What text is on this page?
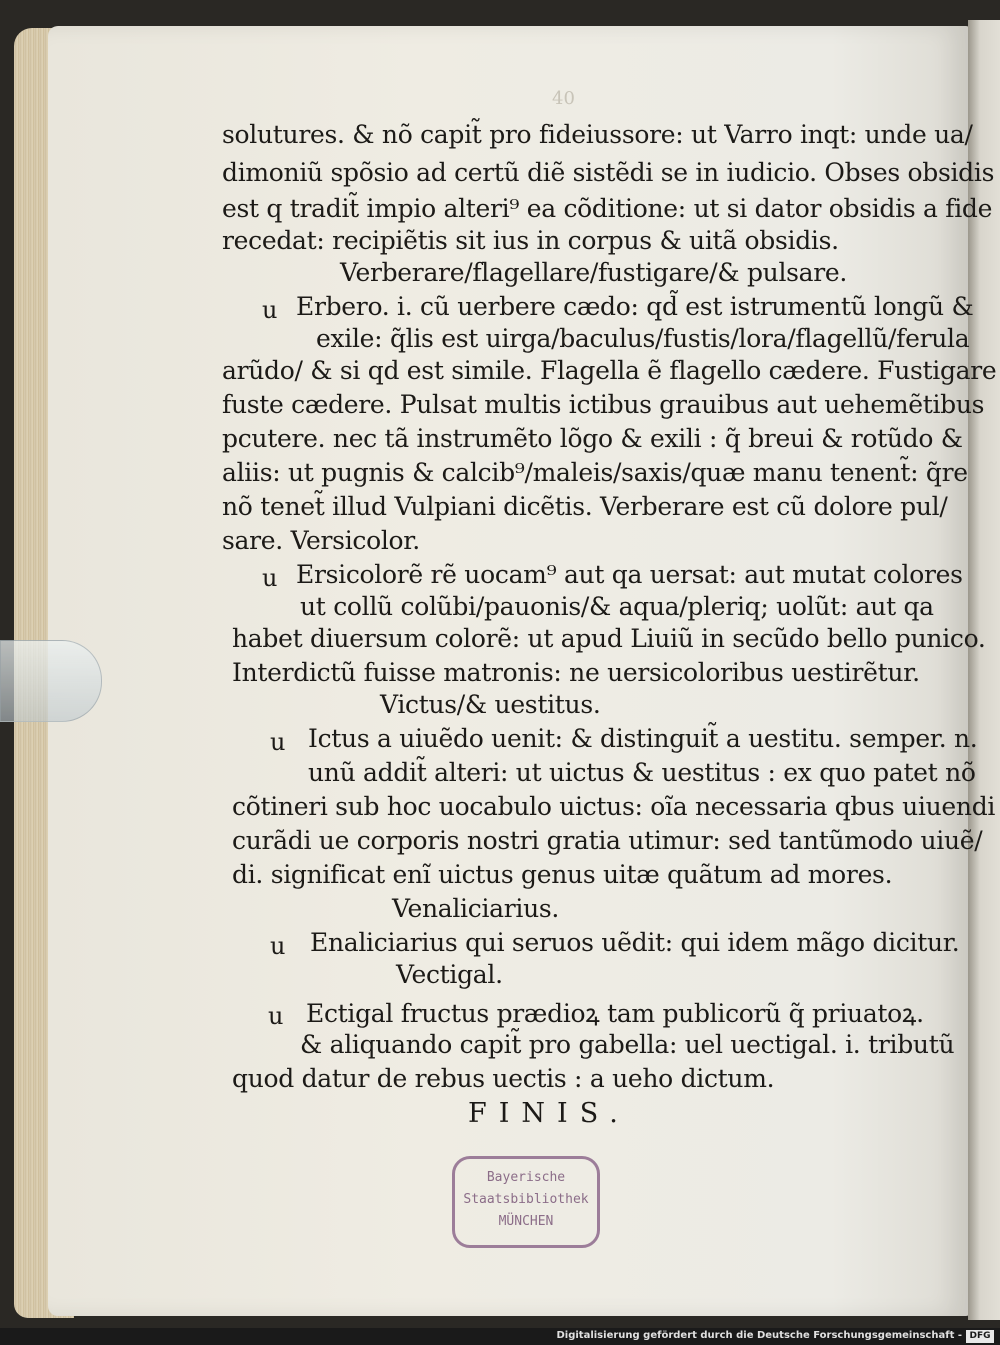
40
solutures. & nõ capit̃ pro fideiussore: ut Varro inqt: unde ua/
dimoniũ spõsio ad certũ diẽ sistẽdi se in iudicio. Obses obsidis
est q tradit̃ impio alteri⁹ ea cõditione: ut si dator obsidis a fide
recedat: recipiẽtis sit ius in corpus & uitã obsidis.
Verberare/flagellare/fustigare/& pulsare.
u Erbero. i. cũ uerbere cædo: qd̃ est istrumentũ longũ &
exile: q̃lis est uirga/baculus/fustis/lora/flagellũ/ferula
arũdo/ & si qd est simile. Flagella ẽ flagello cædere. Fustigare
fuste cædere. Pulsat multis ictibus grauibus aut uehemẽtibus
pcutere. nec tã instrumẽto lõgo & exili : q̃ breui & rotũdo &
aliis: ut pugnis & calcib⁹/maleis/saxis/quæ manu tenent̃: q̃re
nõ tenet̃ illud Vulpiani dicẽtis. Verberare est cũ dolore pul/
sare. Versicolor.
u Ersicolorẽ rẽ uocam⁹ aut qa uersat: aut mutat colores
ut collũ colũbi/pauonis/& aqua/pleriq; uolũt: aut qa
habet diuersum colorẽ: ut apud Liuiũ in secũdo bello punico.
Interdictũ fuisse matronis: ne uersicoloribus uestirẽtur.
Victus/& uestitus.
u Ictus a uiuẽdo uenit: & distinguit̃ a uestitu. semper. n.
unũ addit̃ alteri: ut uictus & uestitus : ex quo patet nõ
cõtineri sub hoc uocabulo uictus: oĩa necessaria qbus uiuendi
curãdi ue corporis nostri gratia utimur: sed tantũmodo uiuẽ/
di. significat enĩ uictus genus uitæ quãtum ad mores.
Venaliciarius.
u Enaliciarius qui seruos uẽdit: qui idem mãgo dicitur.
Vectigal.
u Ectigal fructus prædioꝝ tam publicorũ q̃ priuatoꝝ.
& aliquando capit̃ pro gabella: uel uectigal. i. tributũ
quod datur de rebus uectis : a ueho dictum.
FINIS.
Bayerische
Staatsbibliothek
MÜNCHEN
Digitalisierung gefördert durch die Deutsche Forschungsgemeinschaft - DFG
